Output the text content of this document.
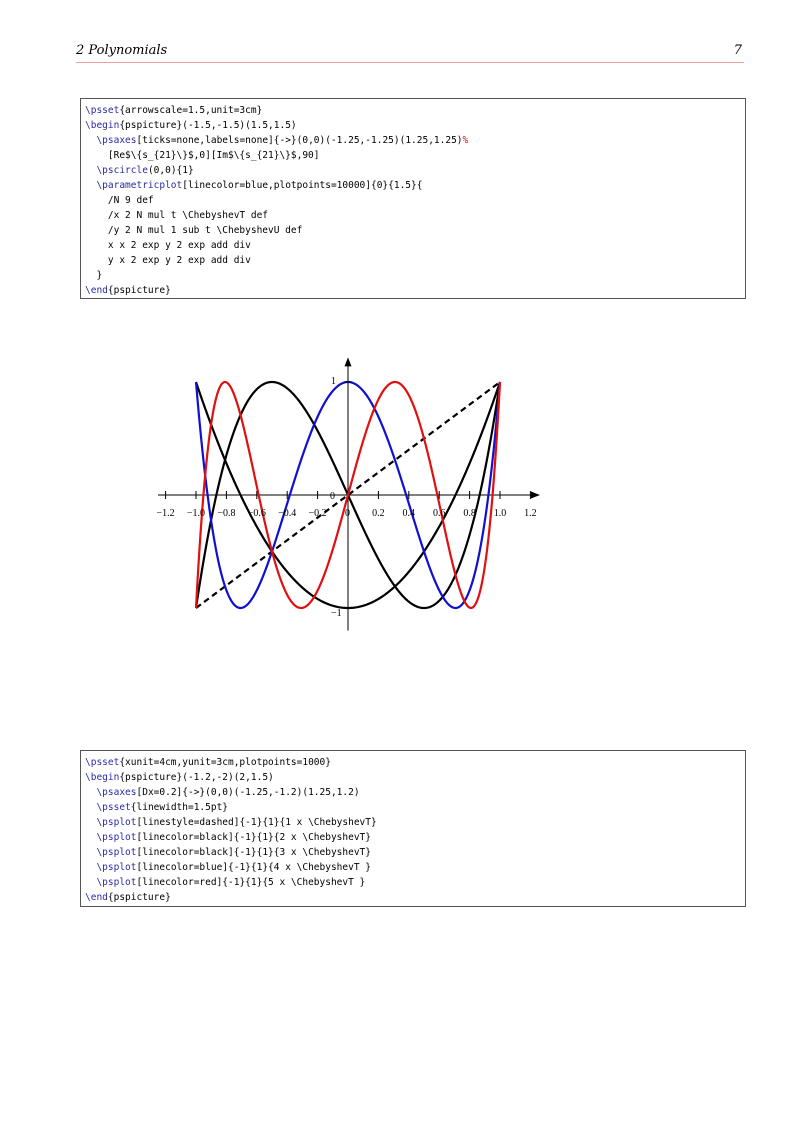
2 Polynomials	7
\psset{arrowscale=1.5,unit=3cm}
\begin{pspicture}(-1.5,-1.5)(1.5,1.5)
\psaxes[ticks=none,labels=none]{->}(0,0)(-1.25,-1.25)(1.25,1.25)%
[Re$\{s_{21}\}$,0][Im$\{s_{21}\}$,90]
\pscircle(0,0){1}
\parametricplot[linecolor=blue,plotpoints=10000]{0}{1.5}{
/N 9 def
/x 2 N mul t \ChebyshevT def
/y 2 N mul 1 sub t \ChebyshevU def
x x 2 exp y 2 exp add div
y x 2 exp y 2 exp add div
}
\end{pspicture}
−1.2 −1.0 −0.8 −0.6 −0.4 −0.2	0.2 0.4 0.6 0.8 1.0 1.2
0
0
1
−1
\psset{xunit=4cm,yunit=3cm,plotpoints=1000}
\begin{pspicture}(-1.2,-2)(2,1.5)
\psaxes[Dx=0.2]{->}(0,0)(-1.25,-1.2)(1.25,1.2)
\psset{linewidth=1.5pt}
\psplot[linestyle=dashed]{-1}{1}{1 x \ChebyshevT}
\psplot[linecolor=black]{-1}{1}{2 x \ChebyshevT}
\psplot[linecolor=black]{-1}{1}{3 x \ChebyshevT}
\psplot[linecolor=blue]{-1}{1}{4 x \ChebyshevT }
\psplot[linecolor=red]{-1}{1}{5 x \ChebyshevT }
\end{pspicture}
